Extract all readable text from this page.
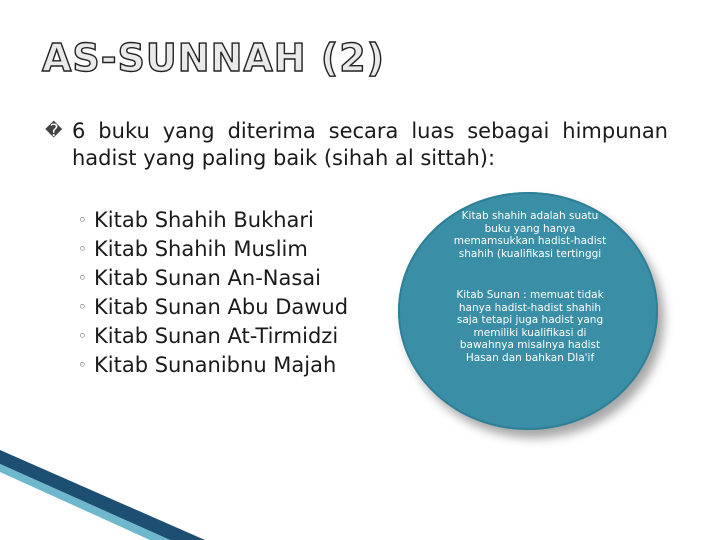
AS-SUNNAH (2)
� 6 buku yang diterima secara luas sebagai himpunan hadist yang paling baik (sihah al sittah):
◦ Kitab Shahih Bukhari
◦ Kitab Shahih Muslim
◦ Kitab Sunan An-Nasai
◦ Kitab Sunan Abu Dawud
◦ Kitab Sunan At-Tirmidzi
◦ Kitab Sunanibnu Majah
Kitab shahih adalah suatu buku yang hanya memamsukkan hadist-hadist shahih (kualifikasi tertinggi
Kitab Sunan : memuat tidak hanya hadist-hadist shahih saja tetapi juga hadist yang memiliki kualifikasi di bawahnya misalnya hadist Hasan dan bahkan Dla'if
